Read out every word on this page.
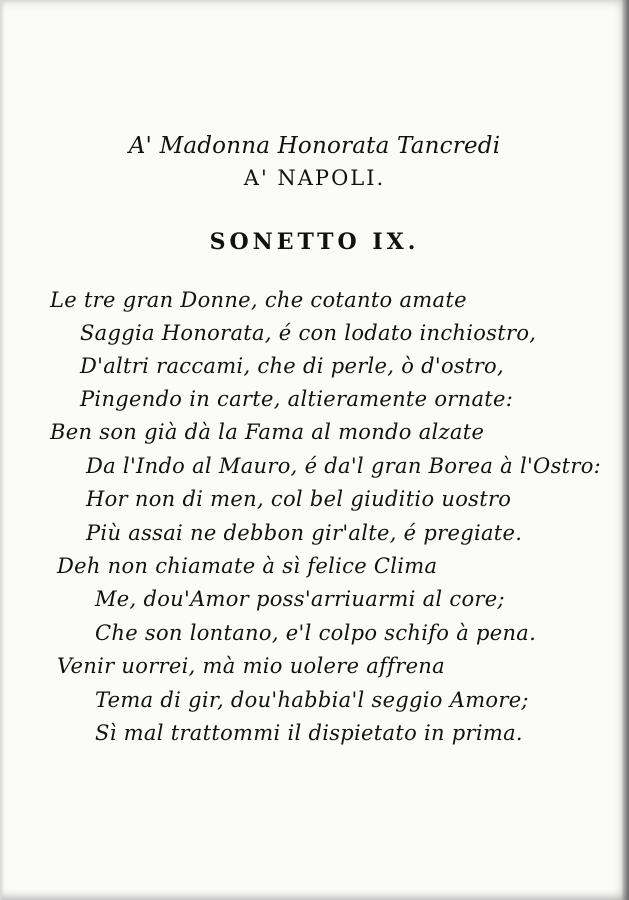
A' Madonna Honorata Tancredi
A' NAPOLI.
SONETTO IX.
Le tre gran Donne, che cotanto amate
Saggia Honorata, é con lodato inchiostro,
D'altri raccami, che di perle, ò d'ostro,
Pingendo in carte, altieramente ornate:
Ben son già dà la Fama al mondo alzate
Da l'Indo al Mauro, é da'l gran Borea à l'Ostro:
Hor non di men, col bel giuditio uostro
Più assai ne debbon gir'alte, é pregiate.
Deh non chiamate à sì felice Clima
Me, dou'Amor poss'arriuarmi al core;
Che son lontano, e'l colpo schifo à pena.
Venir uorrei, mà mio uolere affrena
Tema di gir, dou'habbia'l seggio Amore;
Sì mal trattommi il dispietato in prima.
